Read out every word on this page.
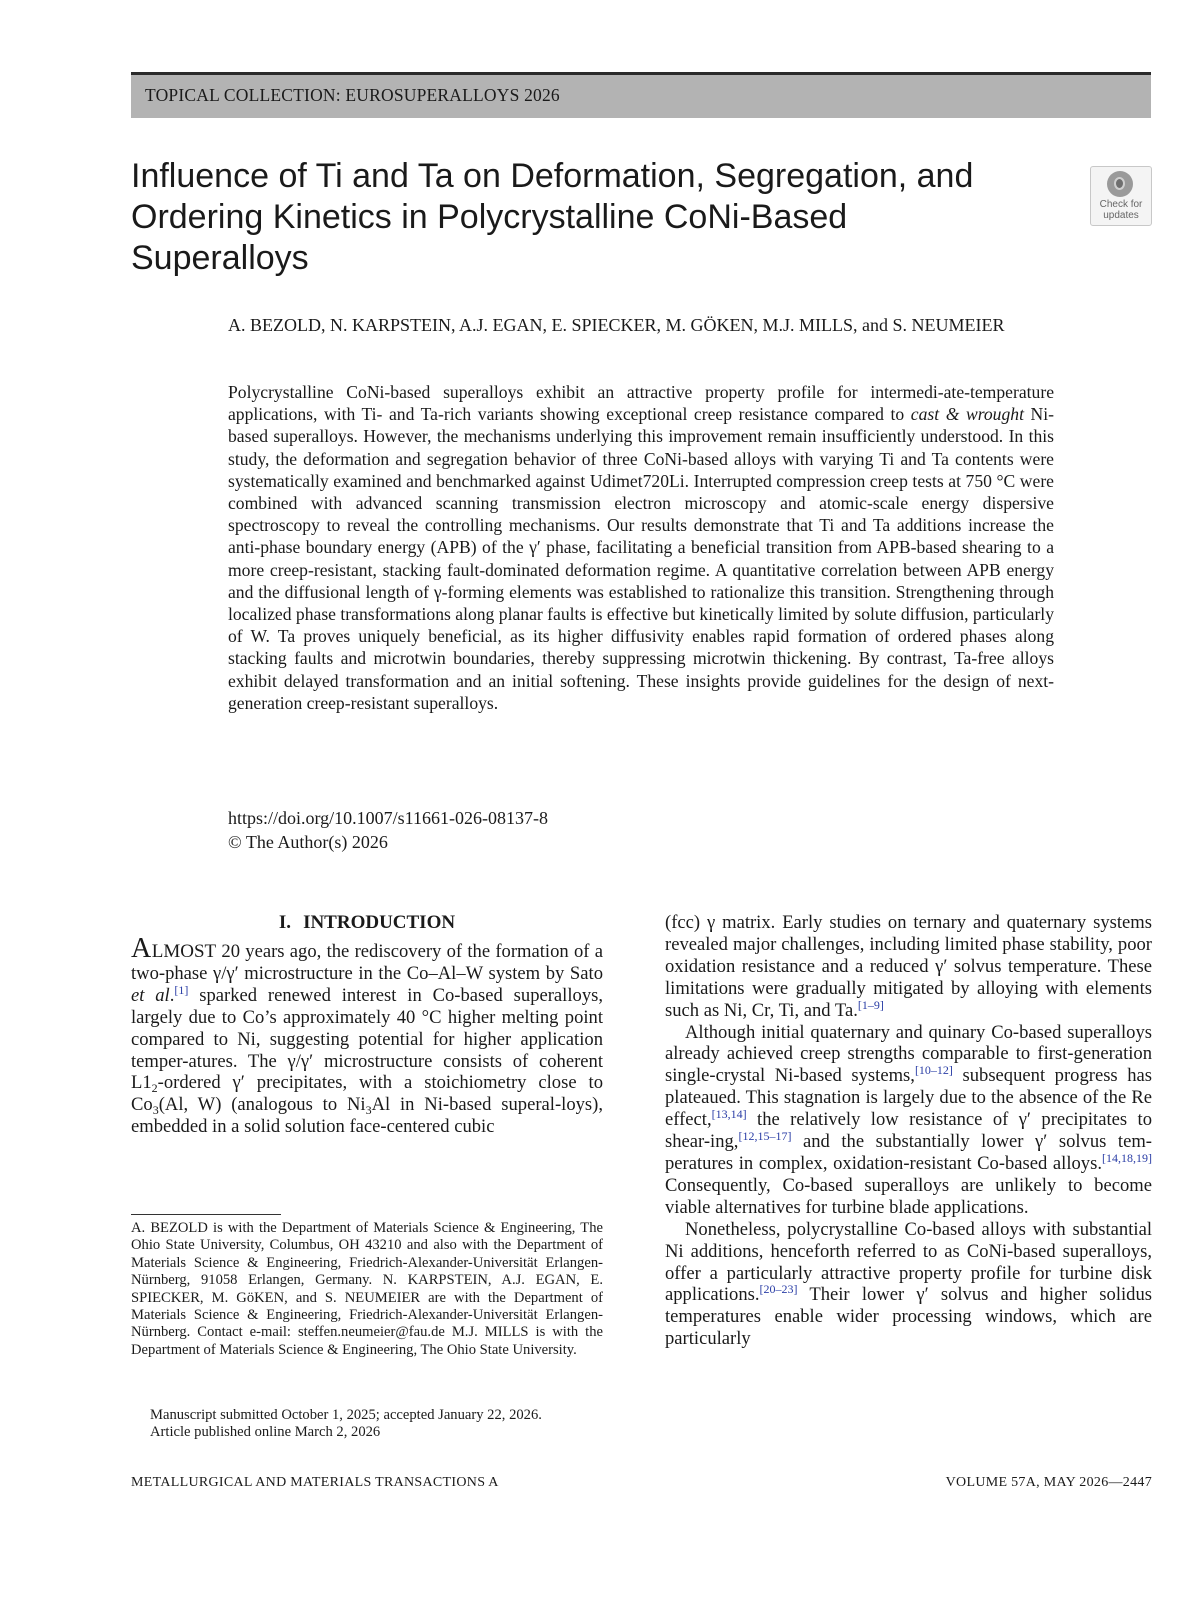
TOPICAL COLLECTION: EUROSUPERALLOYS 2026
Influence of Ti and Ta on Deformation, Segregation, and Ordering Kinetics in Polycrystalline CoNi-Based Superalloys
Check for
updates

A. BEZOLD, N. KARPSTEIN, A.J. EGAN, E. SPIECKER, M. GÖKEN, M.J. MILLS, and S. NEUMEIER

Polycrystalline CoNi-based superalloys exhibit an attractive property profile for intermedi-ate-temperature applications, with Ti- and Ta-rich variants showing exceptional creep resistance compared to cast & wrought Ni-based superalloys. However, the mechanisms underlying this improvement remain insufficiently understood. In this study, the deformation and segregation behavior of three CoNi-based alloys with varying Ti and Ta contents were systematically examined and benchmarked against Udimet720Li. Interrupted compression creep tests at 750 °C were combined with advanced scanning transmission electron microscopy and atomic-scale energy dispersive spectroscopy to reveal the controlling mechanisms. Our results demonstrate that Ti and Ta additions increase the anti-phase boundary energy (APB) of the γ′ phase, facilitating a beneficial transition from APB-based shearing to a more creep-resistant, stacking fault-dominated deformation regime. A quantitative correlation between APB energy and the diffusional length of γ-forming elements was established to rationalize this transition. Strengthening through localized phase transformations along planar faults is effective but kinetically limited by solute diffusion, particularly of W. Ta proves uniquely beneficial, as its higher diffusivity enables rapid formation of ordered phases along stacking faults and microtwin boundaries, thereby suppressing microtwin thickening. By contrast, Ta-free alloys exhibit delayed transformation and an initial softening. These insights provide guidelines for the design of next-generation creep-resistant superalloys.

https://doi.org/10.1007/s11661-026-08137-8

© The Author(s) 2026

I. INTRODUCTION

ALMOST 20 years ago, the rediscovery of the formation of a two-phase γ/γ′ microstructure in the Co–Al–W system by Sato et al.[1] sparked renewed interest in Co-based superalloys, largely due to Co’s approximately 40 °C higher melting point compared to Ni, suggesting potential for higher application temper-atures. The γ/γ′ microstructure consists of coherent $L1_2$-ordered γ′ precipitates, with a stoichiometry close to $Co_3(Al$, W) (analogous to $Ni_3Al$ in Ni-based superal-loys), embedded in a solid solution face-centered cubic

(fcc) γ matrix. Early studies on ternary and quaternary systems revealed major challenges, including limited phase stability, poor oxidation resistance and a reduced γ′ solvus temperature. These limitations were gradually mitigated by alloying with elements such as Ni, Cr, Ti, and Ta.[1–9]

Although initial quaternary and quinary Co-based superalloys already achieved creep strengths comparable to first-generation single-crystal Ni-based systems,[10–12] subsequent progress has plateaued. This stagnation is largely due to the absence of the Re effect,[13,14] the relatively low resistance of γ′ precipitates to shear-ing,[12,15–17] and the substantially lower γ′ solvus tem-peratures in complex, oxidation-resistant Co-based alloys.[14,18,19] Consequently, Co-based superalloys are unlikely to become viable alternatives for turbine blade applications.

Nonetheless, polycrystalline Co-based alloys with substantial Ni additions, henceforth referred to as CoNi-based superalloys, offer a particularly attractive property profile for turbine disk applications.[20–23] Their lower γ′ solvus and higher solidus temperatures enable wider processing windows, which are particularly

A. BEZOLD is with the Department of Materials Science & Engineering, The Ohio State University, Columbus, OH 43210 and also with the Department of Materials Science & Engineering, Friedrich-Alexander-Universität Erlangen-Nürnberg, 91058 Erlangen, Germany. N. KARPSTEIN, A.J. EGAN, E. SPIECKER, M. GöKEN, and S. NEUMEIER are with the Department of Materials Science & Engineering, Friedrich-Alexander-Universität Erlangen-Nürnberg. Contact e-mail: steffen.neumeier@fau.de M.J. MILLS is with the Department of Materials Science & Engineering, The Ohio State University.

Manuscript submitted October 1, 2025; accepted January 22, 2026.
Article published online March 2, 2026

METALLURGICAL AND MATERIALS TRANSACTIONS A	VOLUME 57A, MAY 2026—2447
